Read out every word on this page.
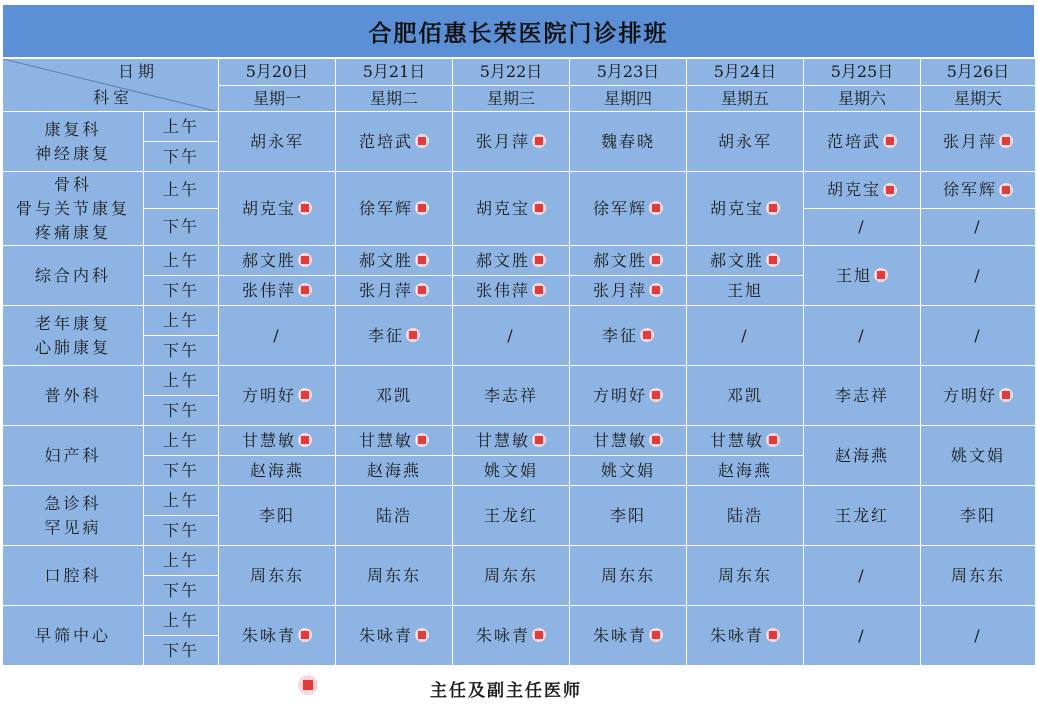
合肥佰惠长荣医院门诊排班
日期
科室		5月20日	5月21日	5月22日	5月23日	5月24日	5月25日	5月26日
		星期一	星期二	星期三	星期四	星期五	星期六	星期天

康复科
神经康复	上午	胡永军	范培武	张月萍	魏春晓	胡永军	范培武	张月萍
	下午							

骨科
骨与关节康复
疼痛康复	上午	胡克宝	徐军辉	胡克宝	徐军辉	胡克宝	胡克宝	徐军辉
	下午						/	/

综合内科	上午	郝文胜	郝文胜	郝文胜	郝文胜	郝文胜	王旭	/
	下午	张伟萍	张月萍	张伟萍	张月萍	王旭		

老年康复
心肺康复	上午	/	李征	/	李征	/	/	/
	下午							

普外科	上午	方明好	邓凯	李志祥	方明好	邓凯	李志祥	方明好
	下午							

妇产科	上午	甘慧敏	甘慧敏	甘慧敏	甘慧敏	甘慧敏	赵海燕	姚文娟
	下午	赵海燕	赵海燕	姚文娟	姚文娟	赵海燕		

急诊科
罕见病	上午	李阳	陆浩	王龙红	李阳	陆浩	王龙红	李阳
	下午							

口腔科	上午	周东东	周东东	周东东	周东东	周东东	/	周东东
	下午							

早筛中心	上午	朱咏青	朱咏青	朱咏青	朱咏青	朱咏青	/	/
	下午							
主任及副主任医师
